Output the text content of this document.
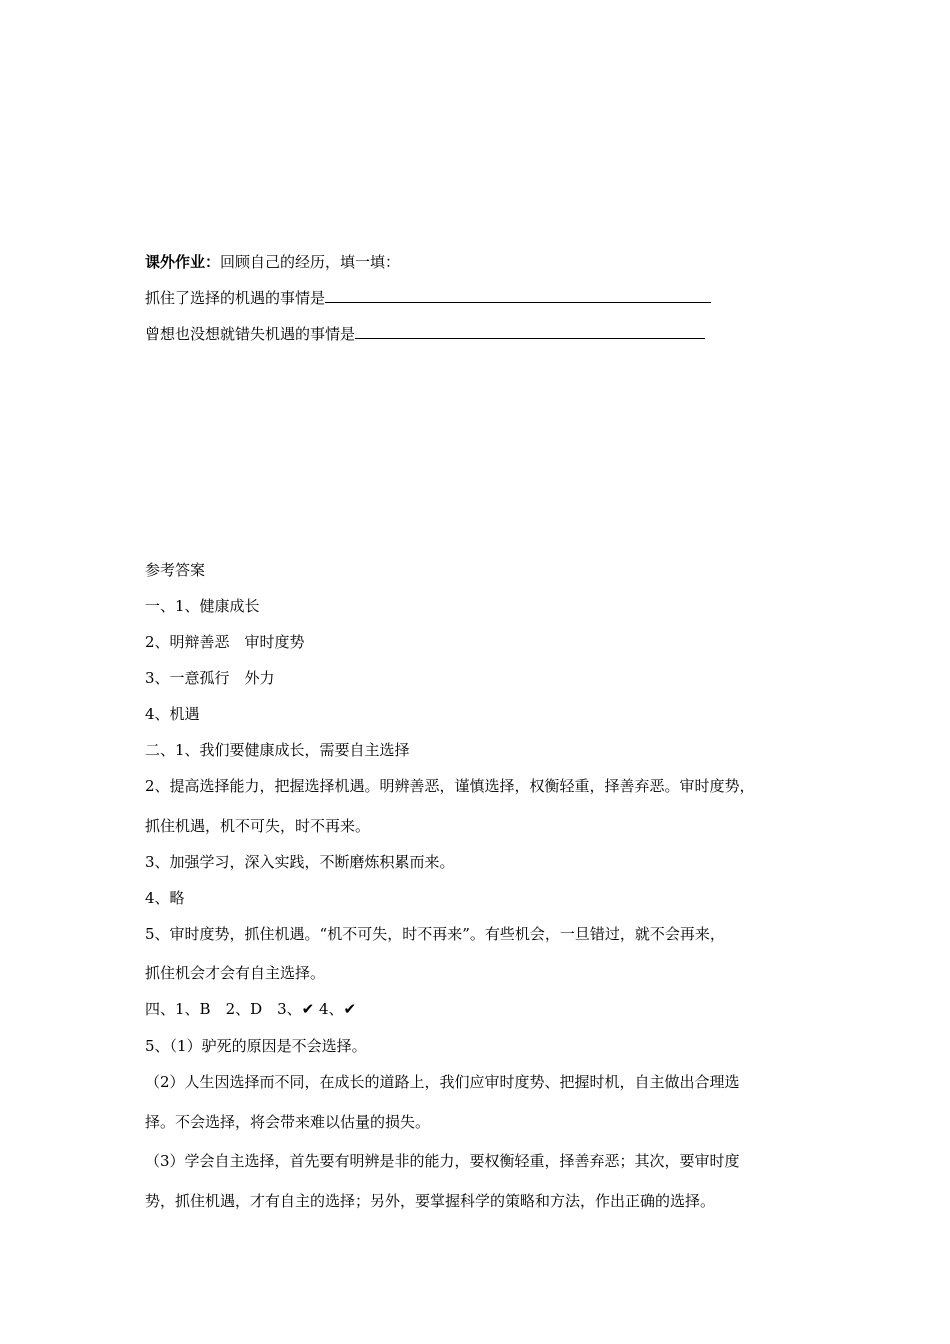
课外作业：回顾自己的经历，填一填：
抓住了选择的机遇的事情是
曾想也没想就错失机遇的事情是
参考答案
一、1、健康成长
2、明辩善恶　审时度势
3、一意孤行　外力
4、机遇
二、1、我们要健康成长，需要自主选择
2、提高选择能力，把握选择机遇。明辨善恶，谨慎选择，权衡轻重，择善弃恶。审时度势，
抓住机遇，机不可失，时不再来。
3、加强学习，深入实践，不断磨炼积累而来。
4、略
5、审时度势，抓住机遇。“机不可失，时不再来”。有些机会，一旦错过，就不会再来，
抓住机会才会有自主选择。
四、1、B　2、D　3、✔ 4、✔
5、（1）驴死的原因是不会选择。
（2）人生因选择而不同，在成长的道路上，我们应审时度势、把握时机，自主做出合理选
择。不会选择，将会带来难以估量的损失。
（3）学会自主选择，首先要有明辨是非的能力，要权衡轻重，择善弃恶；其次，要审时度
势，抓住机遇，才有自主的选择；另外，要掌握科学的策略和方法，作出正确的选择。
